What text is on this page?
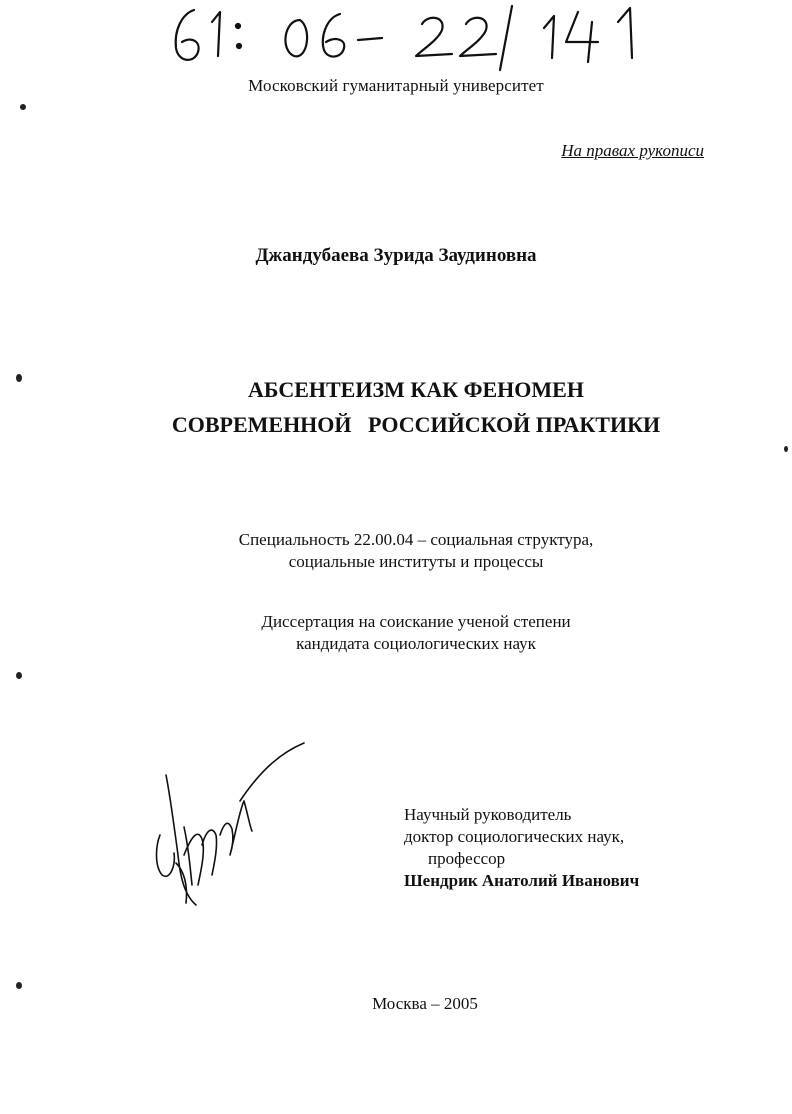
Московский гуманитарный университет
На правах рукописи
Джандубаева Зурида Заудиновна
АБСЕНТЕИЗМ КАК ФЕНОМЕН
СОВРЕМЕННОЙ   РОССИЙСКОЙ ПРАКТИКИ
Специальность 22.00.04 – социальная структура,
социальные институты и процессы
Диссертация на соискание ученой степени
кандидата социологических наук
Научный руководитель
доктор социологических наук,
профессор
Шендрик Анатолий Иванович
Москва – 2005
